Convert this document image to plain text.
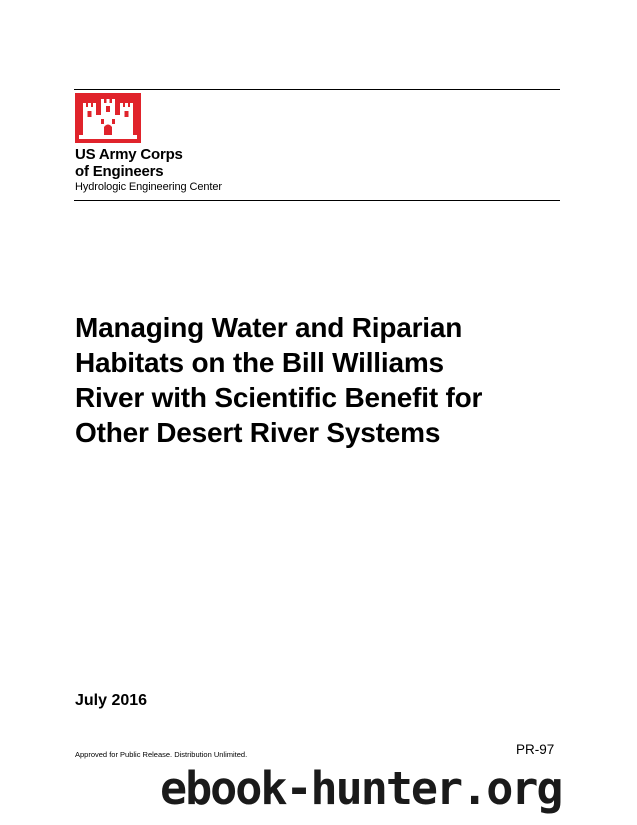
US Army Corps
of Engineers
Hydrologic Engineering Center
Managing Water and Riparian
Habitats on the Bill Williams
River with Scientific Benefit for
Other Desert River Systems
July 2016
Approved for Public Release. Distribution Unlimited.	PR-97
ebook-hunter.org
